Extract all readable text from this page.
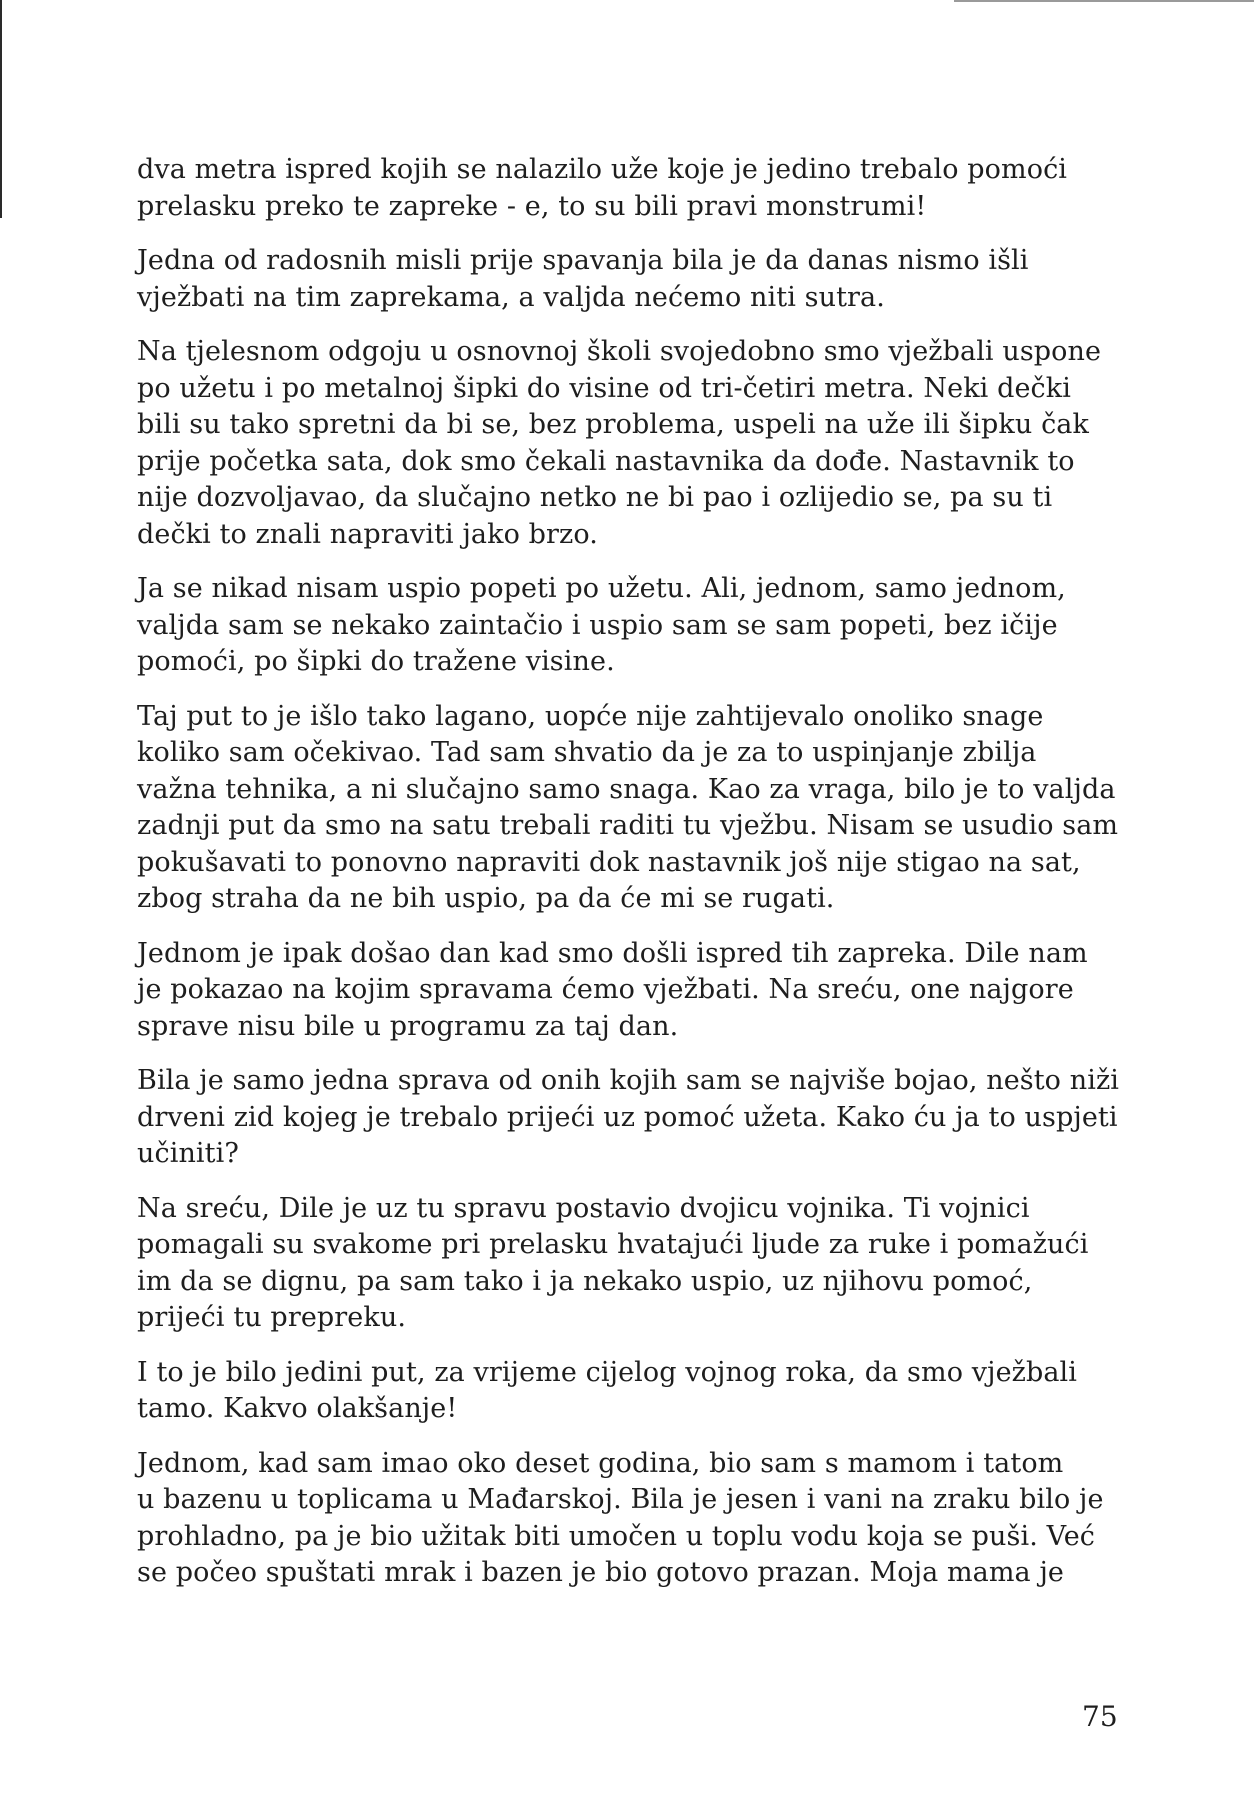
dva metra ispred kojih se nalazilo uže koje je jedino trebalo pomoći
prelasku preko te zapreke - e, to su bili pravi monstrumi!

Jedna od radosnih misli prije spavanja bila je da danas nismo išli
vježbati na tim zaprekama, a valjda nećemo niti sutra.

Na tjelesnom odgoju u osnovnoj školi svojedobno smo vježbali uspone
po užetu i po metalnoj šipki do visine od tri-četiri metra. Neki dečki
bili su tako spretni da bi se, bez problema, uspeli na uže ili šipku čak
prije početka sata, dok smo čekali nastavnika da dođe. Nastavnik to
nije dozvoljavao, da slučajno netko ne bi pao i ozlijedio se, pa su ti
dečki to znali napraviti jako brzo.

Ja se nikad nisam uspio popeti po užetu. Ali, jednom, samo jednom,
valjda sam se nekako zaintačio i uspio sam se sam popeti, bez ičije
pomoći, po šipki do tražene visine.

Taj put to je išlo tako lagano, uopće nije zahtijevalo onoliko snage
koliko sam očekivao. Tad sam shvatio da je za to uspinjanje zbilja
važna tehnika, a ni slučajno samo snaga. Kao za vraga, bilo je to valjda
zadnji put da smo na satu trebali raditi tu vježbu. Nisam se usudio sam
pokušavati to ponovno napraviti dok nastavnik još nije stigao na sat,
zbog straha da ne bih uspio, pa da će mi se rugati.

Jednom je ipak došao dan kad smo došli ispred tih zapreka. Dile nam
je pokazao na kojim spravama ćemo vježbati. Na sreću, one najgore
sprave nisu bile u programu za taj dan.

Bila je samo jedna sprava od onih kojih sam se najviše bojao, nešto niži
drveni zid kojeg je trebalo prijeći uz pomoć užeta. Kako ću ja to uspjeti
učiniti?

Na sreću, Dile je uz tu spravu postavio dvojicu vojnika. Ti vojnici
pomagali su svakome pri prelasku hvatajući ljude za ruke i pomažući
im da se dignu, pa sam tako i ja nekako uspio, uz njihovu pomoć,
prijeći tu prepreku.

I to je bilo jedini put, za vrijeme cijelog vojnog roka, da smo vježbali
tamo. Kakvo olakšanje!

Jednom, kad sam imao oko deset godina, bio sam s mamom i tatom
u bazenu u toplicama u Mađarskoj. Bila je jesen i vani na zraku bilo je
prohladno, pa je bio užitak biti umočen u toplu vodu koja se puši. Već
se počeo spuštati mrak i bazen je bio gotovo prazan. Moja mama je

75
